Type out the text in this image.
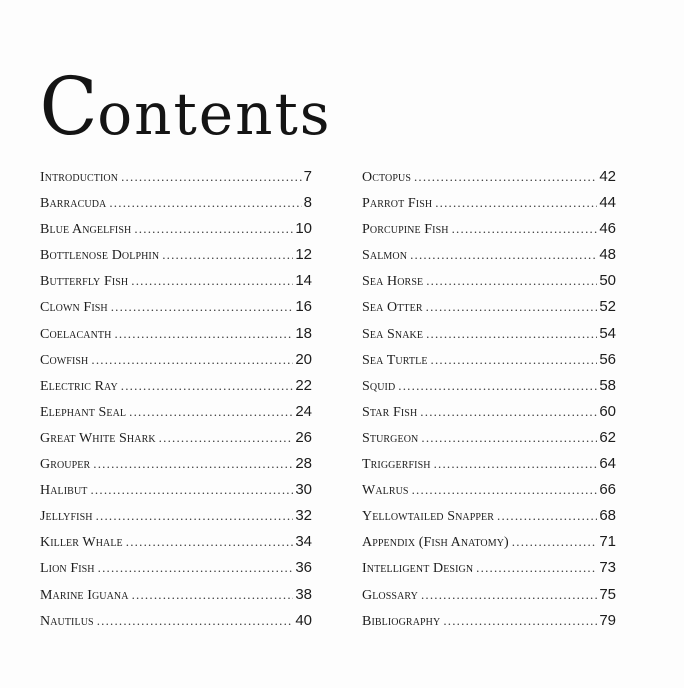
Contents
Introduction .....	7
Barracuda .....	8
Blue Angelfish .....	10
Bottlenose Dolphin .....	12
Butterfly Fish .....	14
Clown Fish .....	16
Coelacanth .....	18
Cowfish .....	20
Electric Ray .....	22
Elephant Seal .....	24
Great White Shark .....	26
Grouper .....	28
Halibut .....	30
Jellyfish .....	32
Killer Whale .....	34
Lion Fish .....	36
Marine Iguana .....	38
Nautilus .....	40
Octopus .....	42
Parrot Fish .....	44
Porcupine Fish .....	46
Salmon .....	48
Sea Horse .....	50
Sea Otter .....	52
Sea Snake .....	54
Sea Turtle .....	56
Squid .....	58
Star Fish .....	60
Sturgeon .....	62
Triggerfish .....	64
Walrus .....	66
Yellowtailed Snapper .....	68
Appendix (Fish Anatomy) .....	71
Intelligent Design .....	73
Glossary .....	75
Bibliography .....	79
